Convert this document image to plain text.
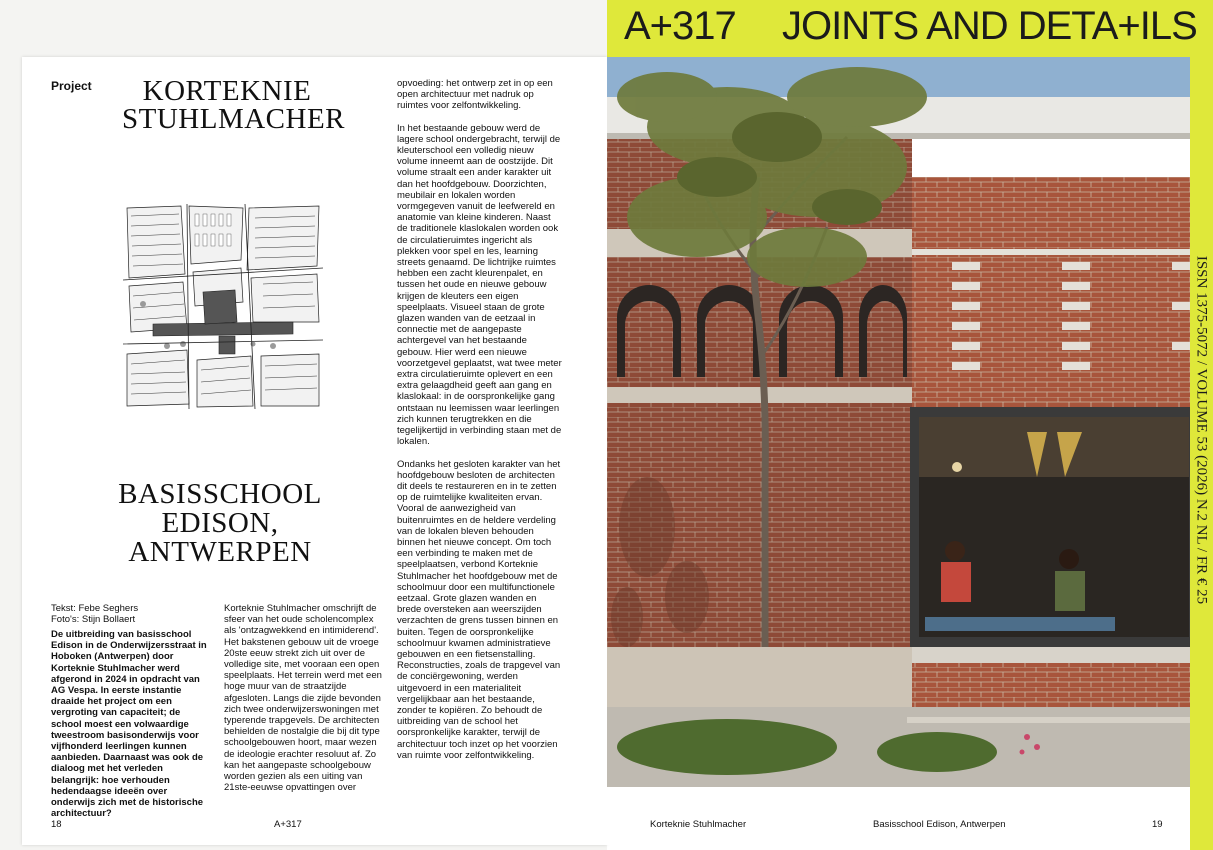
A+317 JOINTS AND DETA+ILS
Project	KORTEKNIE STUHLMACHER
BASISSCHOOL EDISON, ANTWERPEN
Tekst: Febe Seghers
Foto's: Stijn Bollaert

De uitbreiding van basisschool Edison in de Onderwijzersstraat in Hoboken (Antwerpen) door Korteknie Stuhlmacher werd afgerond in 2024 in opdracht van AG Vespa. In eerste instantie draaide het project om een vergroting van capaciteit; de school moest een volwaardige tweestroom basisonderwijs voor vijfhonderd leerlingen kunnen aanbieden. Daarnaast was ook de dialoog met het verleden belangrijk: hoe verhouden hedendaagse ideeën over onderwijs zich met de historische architectuur?

Korteknie Stuhlmacher omschrijft de sfeer van het oude scholencomplex als 'ontzagwekkend en intimiderend'. Het bakstenen gebouw uit de vroege 20ste eeuw strekt zich uit over de volledige site, met vooraan een open speelplaats. Het terrein werd met een hoge muur van de straatzijde afgesloten. Langs die zijde bevonden zich twee onderwijzerswoningen met typerende trapgevels. De architecten behielden de nostalgie die bij dit type schoolgebouwen hoort, maar wezen de ideologie erachter resoluut af. Zo kan het aangepaste schoolgebouw worden gezien als een uiting van 21ste-eeuwse opvattingen over

opvoeding: het ontwerp zet in op een open architectuur met nadruk op ruimtes voor zelfontwikkeling.

In het bestaande gebouw werd de lagere school ondergebracht, terwijl de kleuterschool een volledig nieuw volume inneemt aan de oostzijde. Dit volume straalt een ander karakter uit dan het hoofdgebouw. Doorzichten, meubilair en lokalen worden vormgegeven vanuit de leefwereld en anatomie van kleine kinderen. Naast de traditionele klaslokalen worden ook de circulatieruimtes ingericht als plekken voor spel en les, learning streets genaamd. De lichtrijke ruimtes hebben een zacht kleurenpalet, en tussen het oude en nieuwe gebouw krijgen de kleuters een eigen speelplaats. Visueel staan de grote glazen wanden van de eetzaal in connectie met de aangepaste achtergevel van het bestaande gebouw. Hier werd een nieuwe voorzetgevel geplaatst, wat twee meter extra circulatieruimte oplevert en een extra gelaagdheid geeft aan gang en klaslokaal: in de oorspronkelijke gang ontstaan nu leemissen waar leerlingen zich kunnen terugtrekken en die tegelijkertijd in verbinding staan met de lokalen.

Ondanks het gesloten karakter van het hoofdgebouw besloten de architecten dit deels te restaureren en in te zetten op de ruimtelijke kwaliteiten ervan. Vooral de aanwezigheid van buitenruimtes en de heldere verdeling van de lokalen bleven behouden binnen het nieuwe concept. Om toch een verbinding te maken met de speelplaatsen, verbond Korteknie Stuhlmacher het hoofdgebouw met de schoolmuur door een multifunctionele eetzaal. Grote glazen wanden en brede oversteken aan weerszijden verzachten de grens tussen binnen en buiten. Tegen de oorspronkelijke schoolmuur kwamen administratieve gebouwen en een fietsenstalling. Reconstructies, zoals de trapgevel van de conciërgewoning, werden uitgevoerd in een materialiteit vergelijkbaar aan het bestaande, zonder te kopiëren. Zo behoudt de uitbreiding van de school het oorspronkelijke karakter, terwijl de architectuur toch inzet op het voorzien van ruimte voor zelfontwikkeling.

18	A+317	Korteknie Stuhlmacher	Basisschool Edison, Antwerpen	19
ISSN 1375-5072 / VOLUME 53 (2026) N.2 NL / FR € 25
